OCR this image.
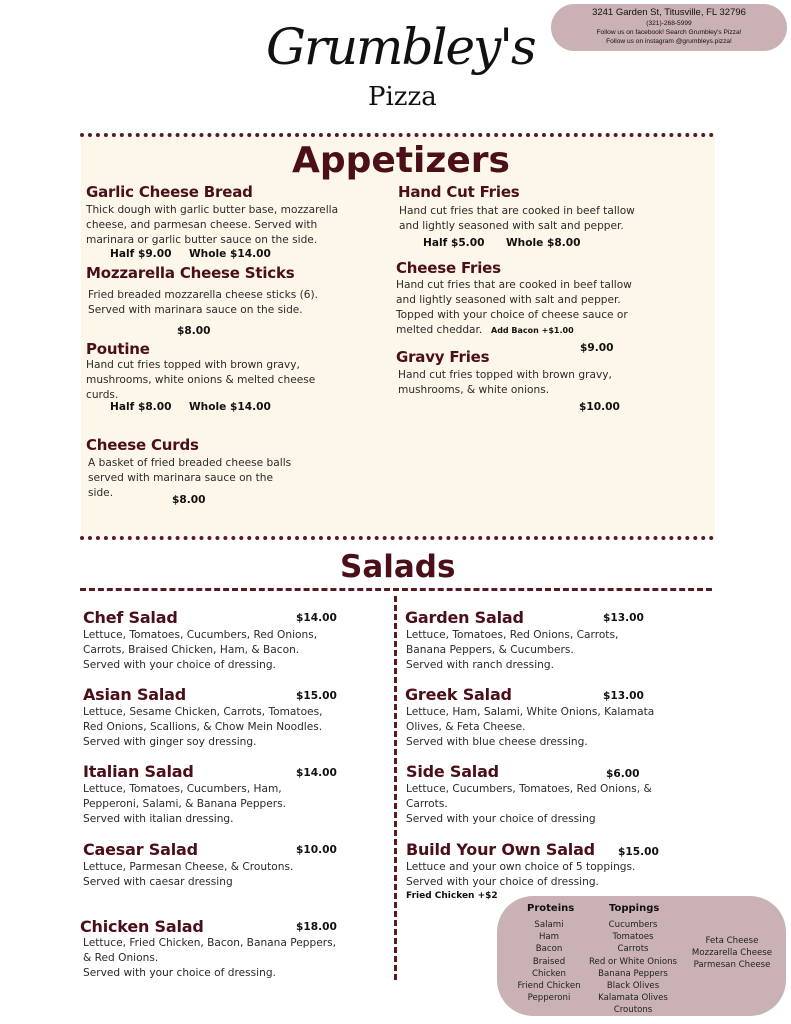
Grumbley's
Pizza
3241 Garden St, Titusville, FL 32796
(321)-268-5999
Follow us on facebook! Search Grumbley's Pizza!
Follow us on instagram @grumbleys.pizza!
Appetizers
Garlic Cheese Bread
Thick dough with garlic butter base, mozzarella
cheese, and parmesan cheese. Served with
marinara or garlic butter sauce on the side.
Half $9.00 Whole $14.00
Mozzarella Cheese Sticks
Fried breaded mozzarella cheese sticks (6).
Served with marinara sauce on the side.
$8.00
Poutine
Hand cut fries topped with brown gravy,
mushrooms, white onions & melted cheese
curds.
Half $8.00 Whole $14.00
Cheese Curds
A basket of fried breaded cheese balls
served with marinara sauce on the
side.
$8.00
Hand Cut Fries
Hand cut fries that are cooked in beef tallow
and lightly seasoned with salt and pepper.
Half $5.00 Whole $8.00
Cheese Fries
Hand cut fries that are cooked in beef tallow
and lightly seasoned with salt and pepper.
Topped with your choice of cheese sauce or
melted cheddar.	Add Bacon +$1.00
$9.00
Gravy Fries
Hand cut fries topped with brown gravy,
mushrooms, & white onions.
$10.00
Salads
Chef Salad	$14.00
Lettuce, Tomatoes, Cucumbers, Red Onions,
Carrots, Braised Chicken, Ham, & Bacon.
Served with your choice of dressing.
Asian Salad	$15.00
Lettuce, Sesame Chicken, Carrots, Tomatoes,
Red Onions, Scallions, & Chow Mein Noodles.
Served with ginger soy dressing.
Italian Salad	$14.00
Lettuce, Tomatoes, Cucumbers, Ham,
Pepperoni, Salami, & Banana Peppers.
Served with italian dressing.
Caesar Salad	$10.00
Lettuce, Parmesan Cheese, & Croutons.
Served with caesar dressing
Chicken Salad	$18.00
Lettuce, Fried Chicken, Bacon, Banana Peppers,
& Red Onions.
Served with your choice of dressing.
Garden Salad	$13.00
Lettuce, Tomatoes, Red Onions, Carrots,
Banana Peppers, & Cucumbers.
Served with ranch dressing.
Greek Salad	$13.00
Lettuce, Ham, Salami, White Onions, Kalamata
Olives, & Feta Cheese.
Served with blue cheese dressing.
Side Salad	$6.00
Lettuce, Cucumbers, Tomatoes, Red Onions, &
Carrots.
Served with your choice of dressing
Build Your Own Salad $15.00
Lettuce and your own choice of 5 toppings.
Served with your choice of dressing.
Fried Chicken +$2
Proteins
Salami
Ham
Bacon
Braised
Chicken
Friend Chicken
Pepperoni
Toppings
Cucumbers
Tomatoes
Carrots
Red or White Onions
Banana Peppers
Black Olives
Kalamata Olives
Croutons
Feta Cheese
Mozzarella Cheese
Parmesan Cheese
